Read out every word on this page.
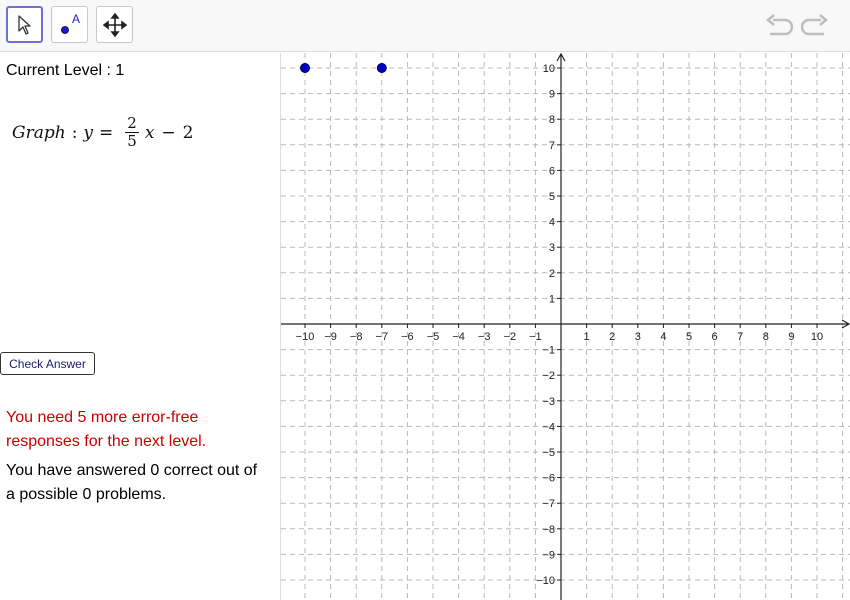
A
Current Level : 1
Graph : $y = \frac{2}{5}$ x − 2
Check Answer
You need 5 more error-free responses for the next level.
You have answered 0 correct out of a possible 0 problems.
−10 −9 −8 −7 −6 −5 −4 −3 −2 −1	1 2 3 4 5 6 7 8 9 10
10
9
8
7
6
5
4
3
2
1
−1
−2
−3
−4
−5
−6
−7
−8
−9
−10
